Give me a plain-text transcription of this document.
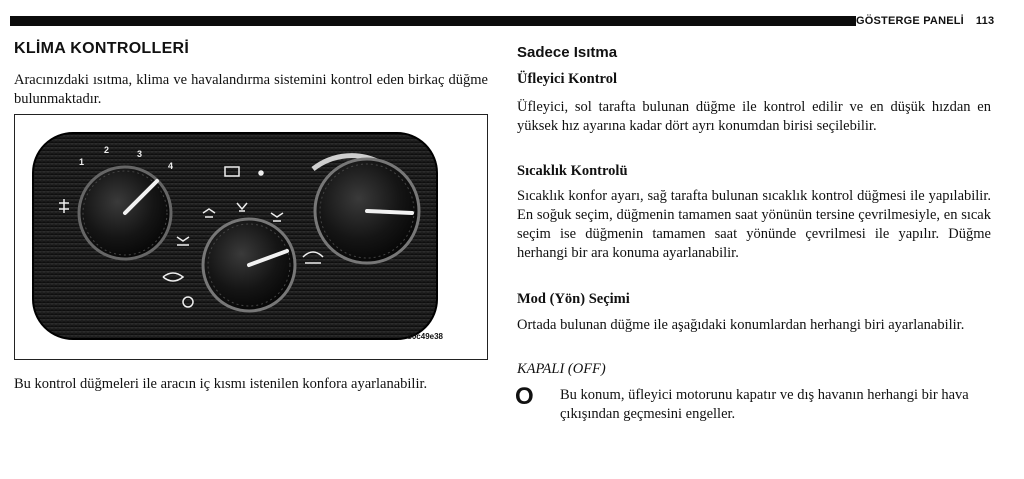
GÖSTERGE PANELİ 113
KLİMA KONTROLLERİ

Aracınızdaki ısıtma, klima ve havalandırma sistemini kontrol eden birkaç düğme bulunmaktadır.

1
2	3
4
80c49e38

Bu kontrol düğmeleri ile aracın iç kısmı istenilen konfora ayarlanabilir.

Sadece Isıtma
Üfleyici Kontrol

Üfleyici, sol tarafta bulunan düğme ile kontrol edilir ve en düşük hızdan en yüksek hız ayarına kadar dört ayrı konumdan birisi seçilebilir.

Sıcaklık Kontrolü

Sıcaklık konfor ayarı, sağ tarafta bulunan sıcaklık kontrol düğmesi ile yapılabilir. En soğuk seçim, düğmenin tamamen saat yönünün tersine çevrilmesiyle, en sıcak seçim ise düğmenin tamamen saat yönünde çevrilmesi ile yapılır. Düğme herhangi bir ara konuma ayarlanabilir.

Mod (Yön) Seçimi

Ortada bulunan düğme ile aşağıdaki konumlardan herhangi biri ayarlanabilir.

KAPALI (OFF)
O Bu konum, üfleyici motorunu kapatır ve dış havanın herhangi bir hava çıkışından geçmesini engeller.
